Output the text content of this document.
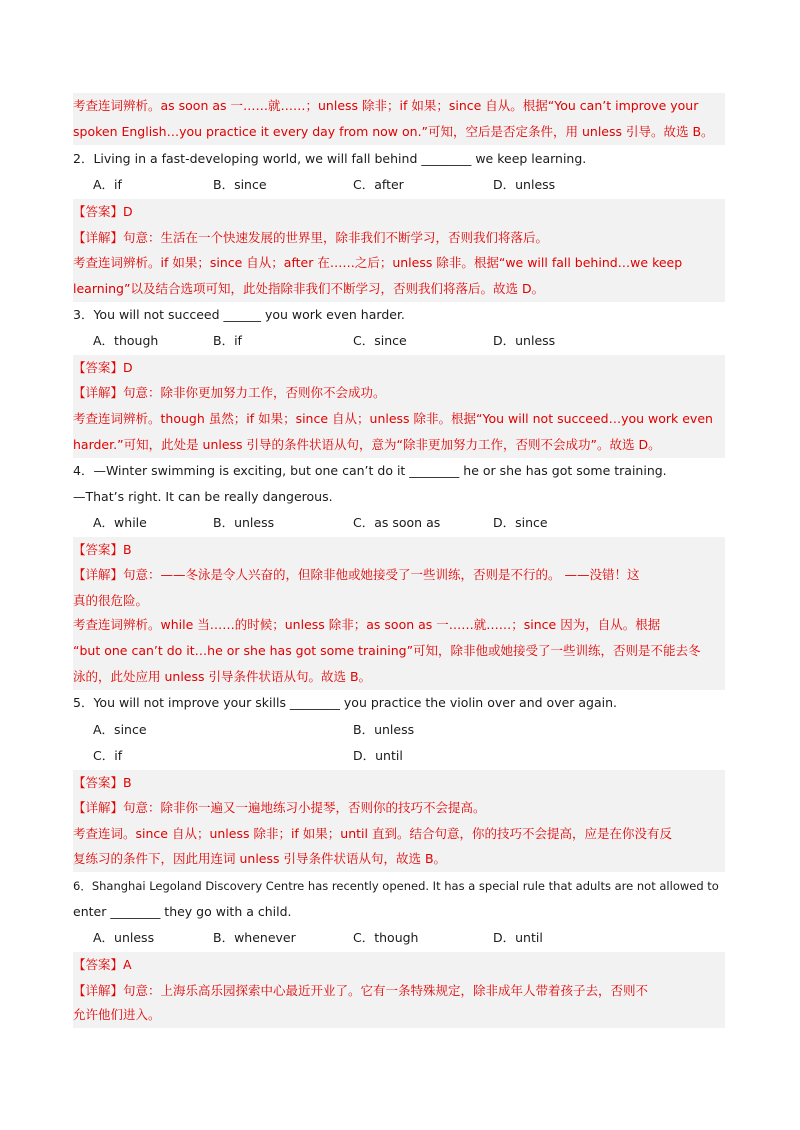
考查连词辨析。as soon as 一……就……；unless 除非；if 如果；since 自从。根据“You can’t improve your
spoken English…you practice it every day from now on.”可知，空后是否定条件，用 unless 引导。故选 B。
2．Living in a fast-developing world, we will fall behind ________ we keep learning.
A．if	B．since	C．after	D．unless
【答案】D
【详解】句意：生活在一个快速发展的世界里，除非我们不断学习，否则我们将落后。
考查连词辨析。if 如果；since 自从；after 在……之后；unless 除非。根据“we will fall behind…we keep
learning”以及结合选项可知，此处指除非我们不断学习，否则我们将落后。故选 D。
3．You will not succeed ______ you work even harder.
A．though	B．if	C．since	D．unless
【答案】D
【详解】句意：除非你更加努力工作，否则你不会成功。
考查连词辨析。though 虽然；if 如果；since 自从；unless 除非。根据“You will not succeed…you work even
harder.”可知，此处是 unless 引导的条件状语从句，意为“除非更加努力工作，否则不会成功”。故选 D。
4．—Winter swimming is exciting, but one can’t do it ________ he or she has got some training.
—That’s right. It can be really dangerous.
A．while	B．unless	C．as soon as	D．since
【答案】B
【详解】句意：——冬泳是令人兴奋的，但除非他或她接受了一些训练，否则是不行的。 ——没错！这
真的很危险。
考查连词辨析。while 当……的时候；unless 除非；as soon as 一……就……；since 因为，自从。根据
“but one can’t do it…he or she has got some training”可知，除非他或她接受了一些训练，否则是不能去冬
泳的，此处应用 unless 引导条件状语从句。故选 B。
5．You will not improve your skills ________ you practice the violin over and over again.
A．since	B．unless
C．if	D．until
【答案】B
【详解】句意：除非你一遍又一遍地练习小提琴，否则你的技巧不会提高。
考查连词。since 自从；unless 除非；if 如果；until 直到。结合句意，你的技巧不会提高，应是在你没有反
复练习的条件下，因此用连词 unless 引导条件状语从句，故选 B。
6．Shanghai Legoland Discovery Centre has recently opened. It has a special rule that adults are not allowed to
enter ________ they go with a child.
A．unless	B．whenever	C．though	D．until
【答案】A
【详解】句意：上海乐高乐园探索中心最近开业了。它有一条特殊规定，除非成年人带着孩子去，否则不
允许他们进入。
